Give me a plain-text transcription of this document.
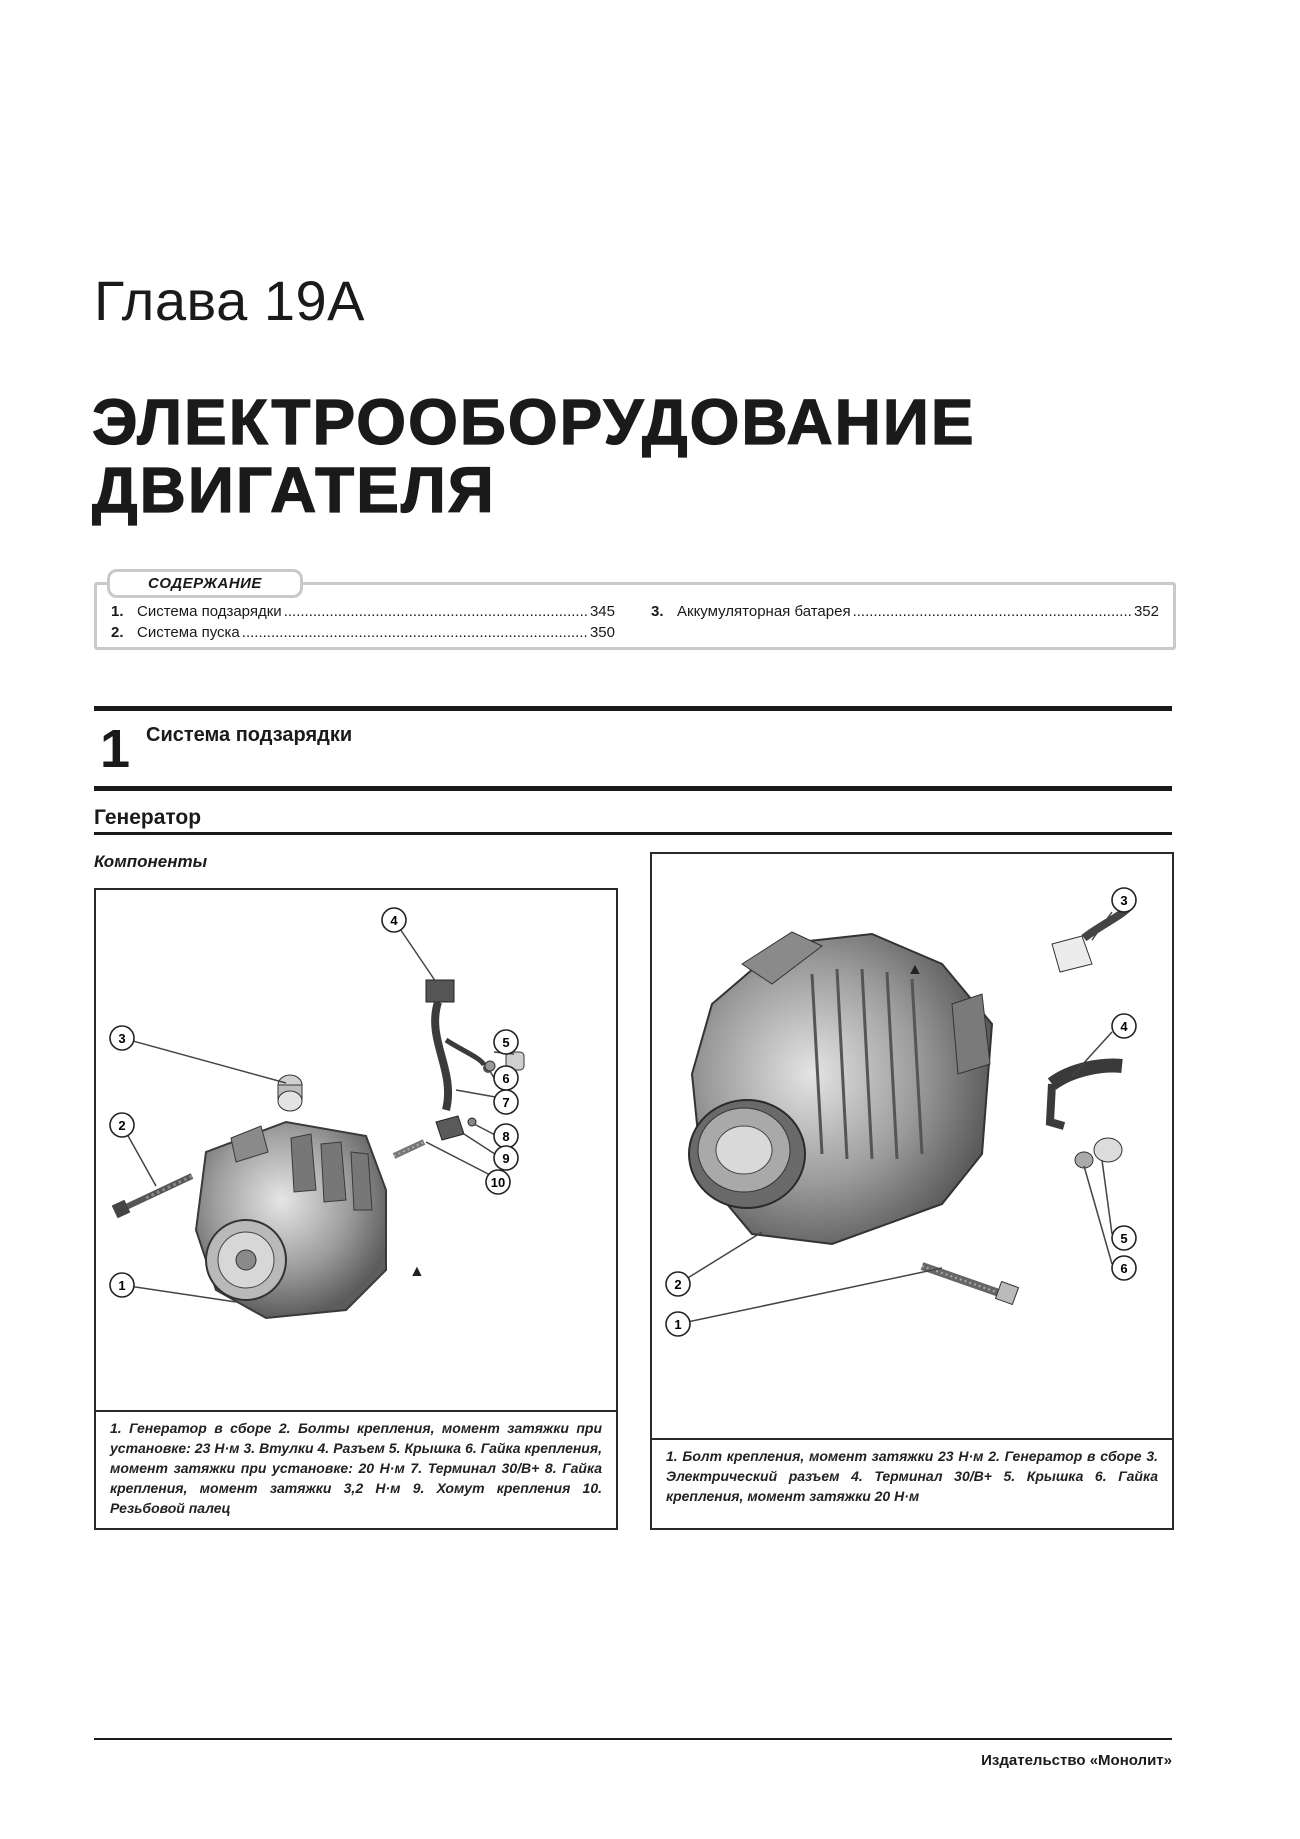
Глава 19А
ЭЛЕКТРООБОРУДОВАНИЕ ДВИГАТЕЛЯ
СОДЕРЖАНИЕ
1. Система подзарядки .....	345
2. Система пуска .....	350
3. Аккумуляторная батарея .....	352
1 Система подзарядки
Генератор
Компоненты
▲
1
2
3
4
5
6
7
8
9
10
1. Генератор в сборе 2. Болты крепления, момент затяжки при установке: 23 Н·м 3. Втулки 4. Разъем 5. Крышка 6. Гайка крепления, момент затяжки при установке: 20 Н·м 7. Терминал 30/B+ 8. Гайка крепления, момент затяжки 3,2 Н·м 9. Хомут крепления 10. Резьбовой палец
▲
1
2
3
4
5
6
1. Болт крепления, момент затяжки 23 Н·м 2. Генератор в сборе 3. Электрический разъем 4. Терминал 30/B+ 5. Крышка 6. Гайка крепления, момент затяжки 20 Н·м
Издательство «Монолит»
